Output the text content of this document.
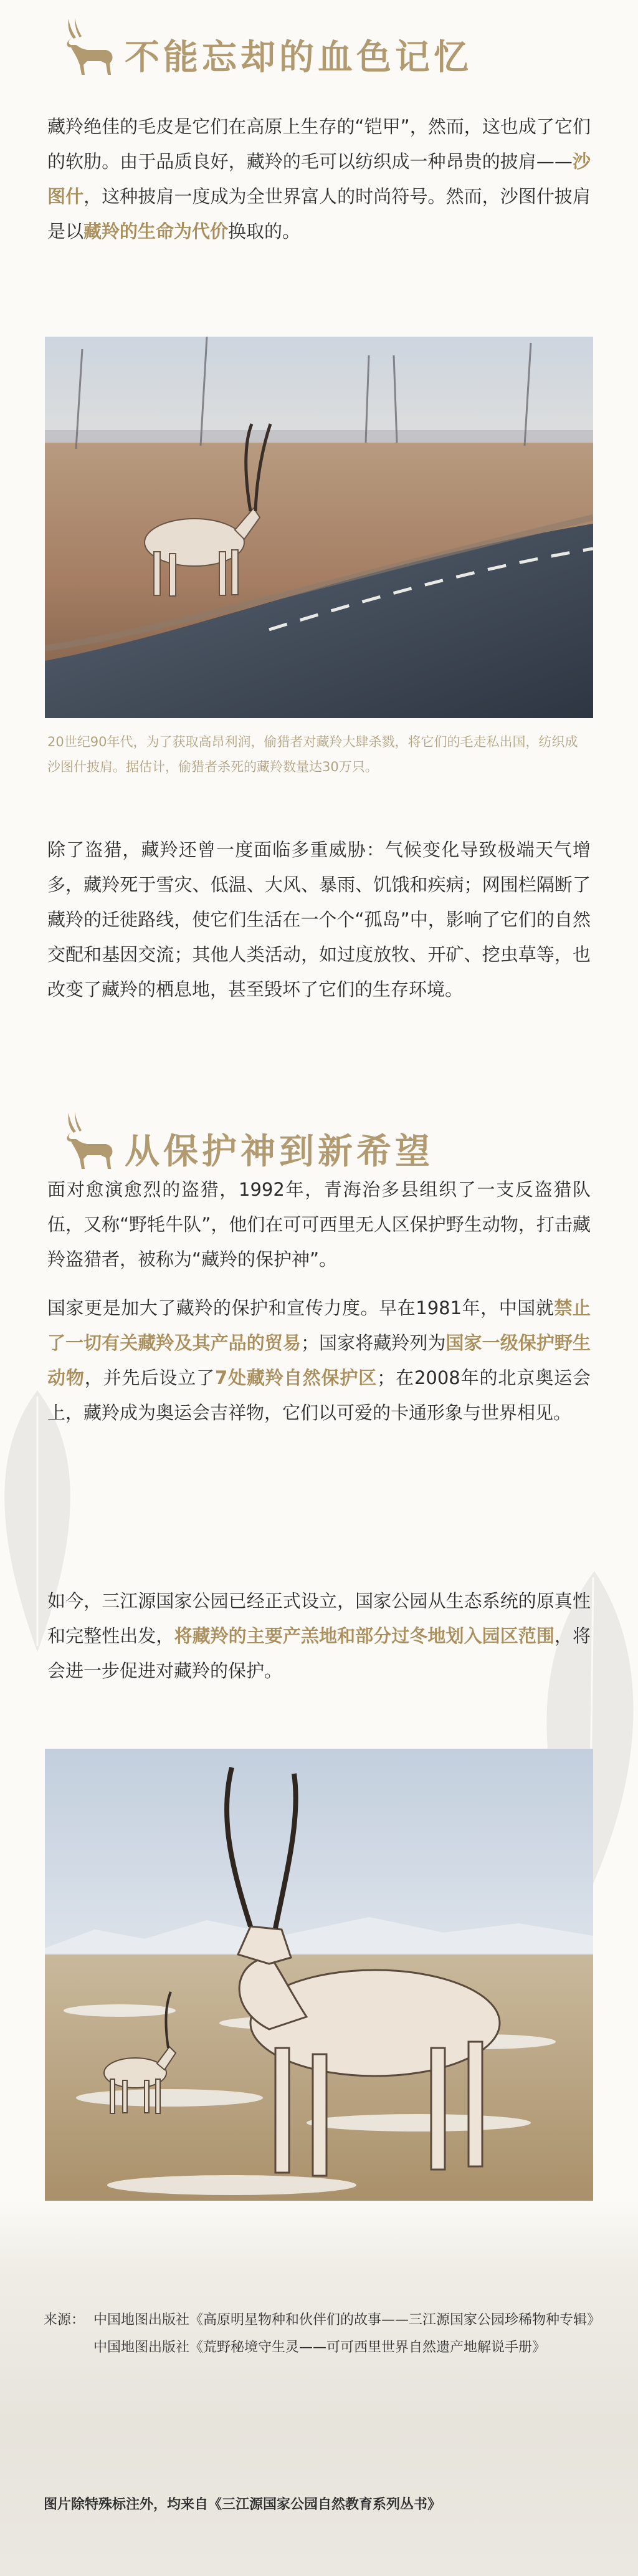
不能忘却的血色记忆

藏羚绝佳的毛皮是它们在高原上生存的“铠甲”，然而，这也成了它们的软肋。由于品质良好，藏羚的毛可以纺织成一种昂贵的披肩——沙图什，这种披肩一度成为全世界富人的时尚符号。然而，沙图什披肩是以藏羚的生命为代价换取的。

20世纪90年代，为了获取高昂利润，偷猎者对藏羚大肆杀戮，将它们的毛走私出国，纺织成沙图什披肩。据估计，偷猎者杀死的藏羚数量达30万只。

除了盗猎，藏羚还曾一度面临多重威胁：气候变化导致极端天气增多，藏羚死于雪灾、低温、大风、暴雨、饥饿和疾病；网围栏隔断了藏羚的迁徙路线，使它们生活在一个个“孤岛”中，影响了它们的自然交配和基因交流；其他人类活动，如过度放牧、开矿、挖虫草等，也改变了藏羚的栖息地，甚至毁坏了它们的生存环境。

从保护神到新希望

面对愈演愈烈的盗猎，1992年，青海治多县组织了一支反盗猎队伍，又称“野牦牛队”，他们在可可西里无人区保护野生动物，打击藏羚盗猎者，被称为“藏羚的保护神”。

国家更是加大了藏羚的保护和宣传力度。早在1981年，中国就禁止了一切有关藏羚及其产品的贸易；国家将藏羚列为国家一级保护野生动物，并先后设立了7处藏羚自然保护区；在2008年的北京奥运会上，藏羚成为奥运会吉祥物，它们以可爱的卡通形象与世界相见。

如今，三江源国家公园已经正式设立，国家公园从生态系统的原真性和完整性出发，将藏羚的主要产羔地和部分过冬地划入园区范围，将会进一步促进对藏羚的保护。

来源： 中国地图出版社《高原明星物种和伙伴们的故事——三江源国家公园珍稀物种专辑》
中国地图出版社《荒野秘境守生灵——可可西里世界自然遗产地解说手册》
图片除特殊标注外，均来自《三江源国家公园自然教育系列丛书》
